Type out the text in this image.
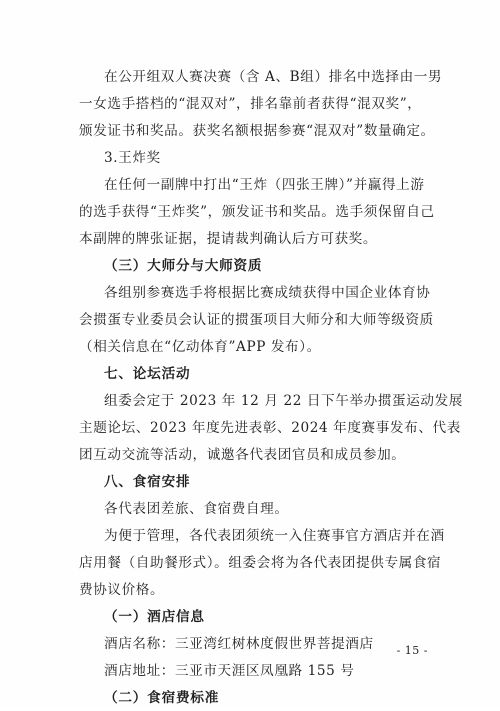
在公开组双人赛决赛（含 A、B组）排名中选择由一男
一女选手搭档的“混双对”，排名靠前者获得“混双奖”，
颁发证书和奖品。获奖名额根据参赛“混双对”数量确定。
3.王炸奖
在任何一副牌中打出“王炸（四张王牌）”并赢得上游
的选手获得“王炸奖”，颁发证书和奖品。选手须保留自己
本副牌的牌张证据，提请裁判确认后方可获奖。
（三）大师分与大师资质
各组别参赛选手将根据比赛成绩获得中国企业体育协
会掼蛋专业委员会认证的掼蛋项目大师分和大师等级资质
（相关信息在“亿动体育”APP 发布）。
七、论坛活动
组委会定于 2023 年 12 月 22 日下午举办掼蛋运动发展
主题论坛、2023 年度先进表彰、2024 年度赛事发布、代表
团互动交流等活动，诚邀各代表团官员和成员参加。
八、食宿安排
各代表团差旅、食宿费自理。
为便于管理，各代表团须统一入住赛事官方酒店并在酒
店用餐（自助餐形式）。组委会将为各代表团提供专属食宿
费协议价格。
（一）酒店信息
酒店名称：三亚湾红树林度假世界菩提酒店
酒店地址：三亚市天涯区凤凰路 155 号
（二）食宿费标准
- 15 -
